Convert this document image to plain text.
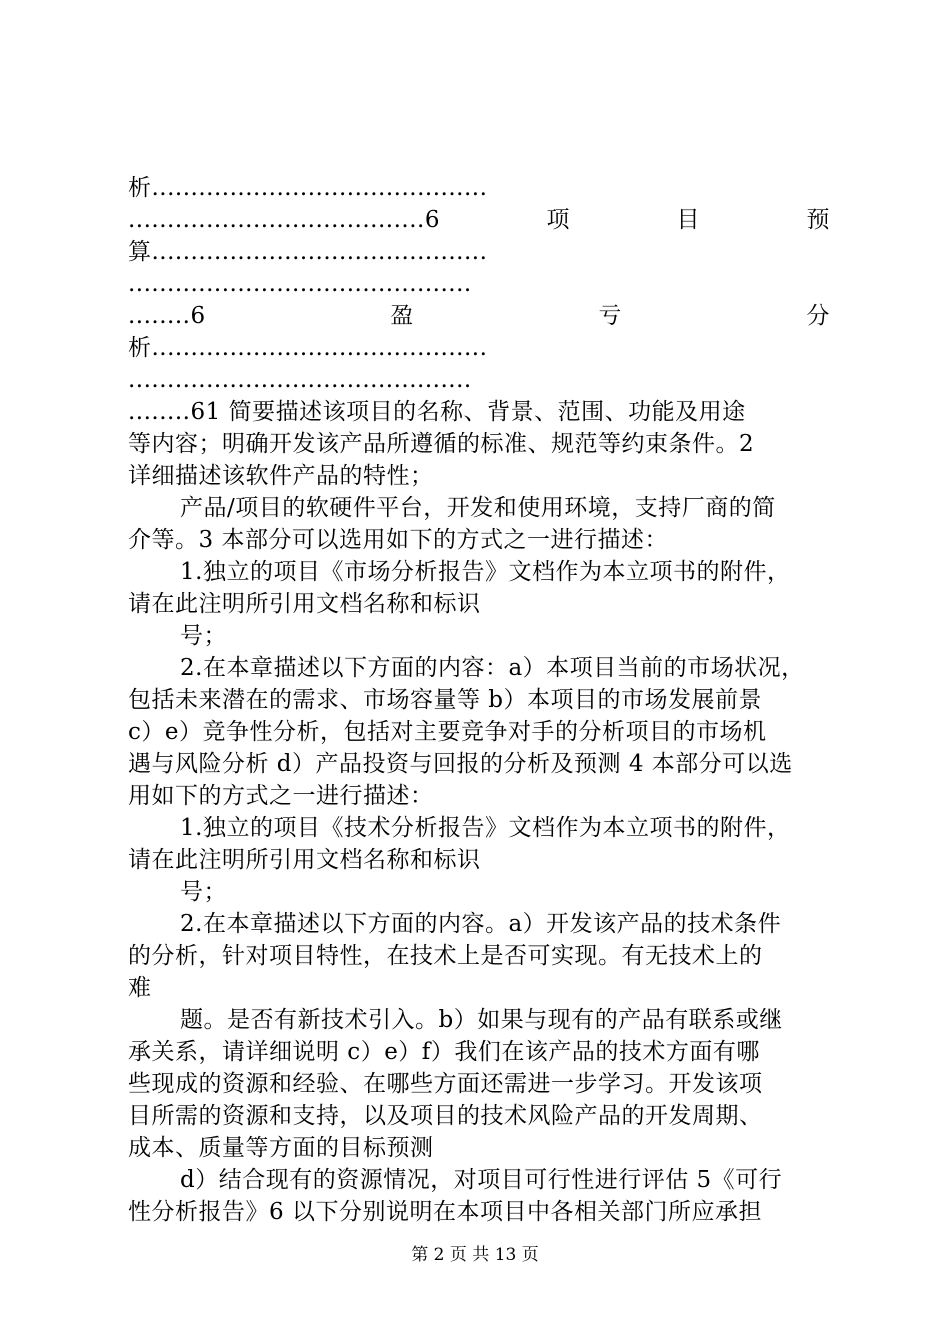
析...........................................
......................................6	项	目	预
算...........................................
............................................
........6	盈	亏	分
析...........................................
............................................
........61 简要描述该项目的名称、背景、范围、功能及用途
等内容；明确开发该产品所遵循的标准、规范等约束条件。2
详细描述该软件产品的特性；
产品/项目的软硬件平台，开发和使用环境，支持厂商的简
介等。3 本部分可以选用如下的方式之一进行描述：
1.独立的项目《市场分析报告》文档作为本立项书的附件，
请在此注明所引用文档名称和标识
号；
2.在本章描述以下方面的内容：a）本项目当前的市场状况，
包括未来潜在的需求、市场容量等 b）本项目的市场发展前景
c）e）竞争性分析，包括对主要竞争对手的分析项目的市场机
遇与风险分析 d）产品投资与回报的分析及预测 4 本部分可以选
用如下的方式之一进行描述：
1.独立的项目《技术分析报告》文档作为本立项书的附件，
请在此注明所引用文档名称和标识
号；
2.在本章描述以下方面的内容。a）开发该产品的技术条件
的分析，针对项目特性，在技术上是否可实现。有无技术上的
难
题。是否有新技术引入。b）如果与现有的产品有联系或继
承关系，请详细说明 c）e）f）我们在该产品的技术方面有哪
些现成的资源和经验、在哪些方面还需进一步学习。开发该项
目所需的资源和支持，以及项目的技术风险产品的开发周期、
成本、质量等方面的目标预测
d）结合现有的资源情况，对项目可行性进行评估 5《可行
性分析报告》6 以下分别说明在本项目中各相关部门所应承担
第 2 页 共 13 页
